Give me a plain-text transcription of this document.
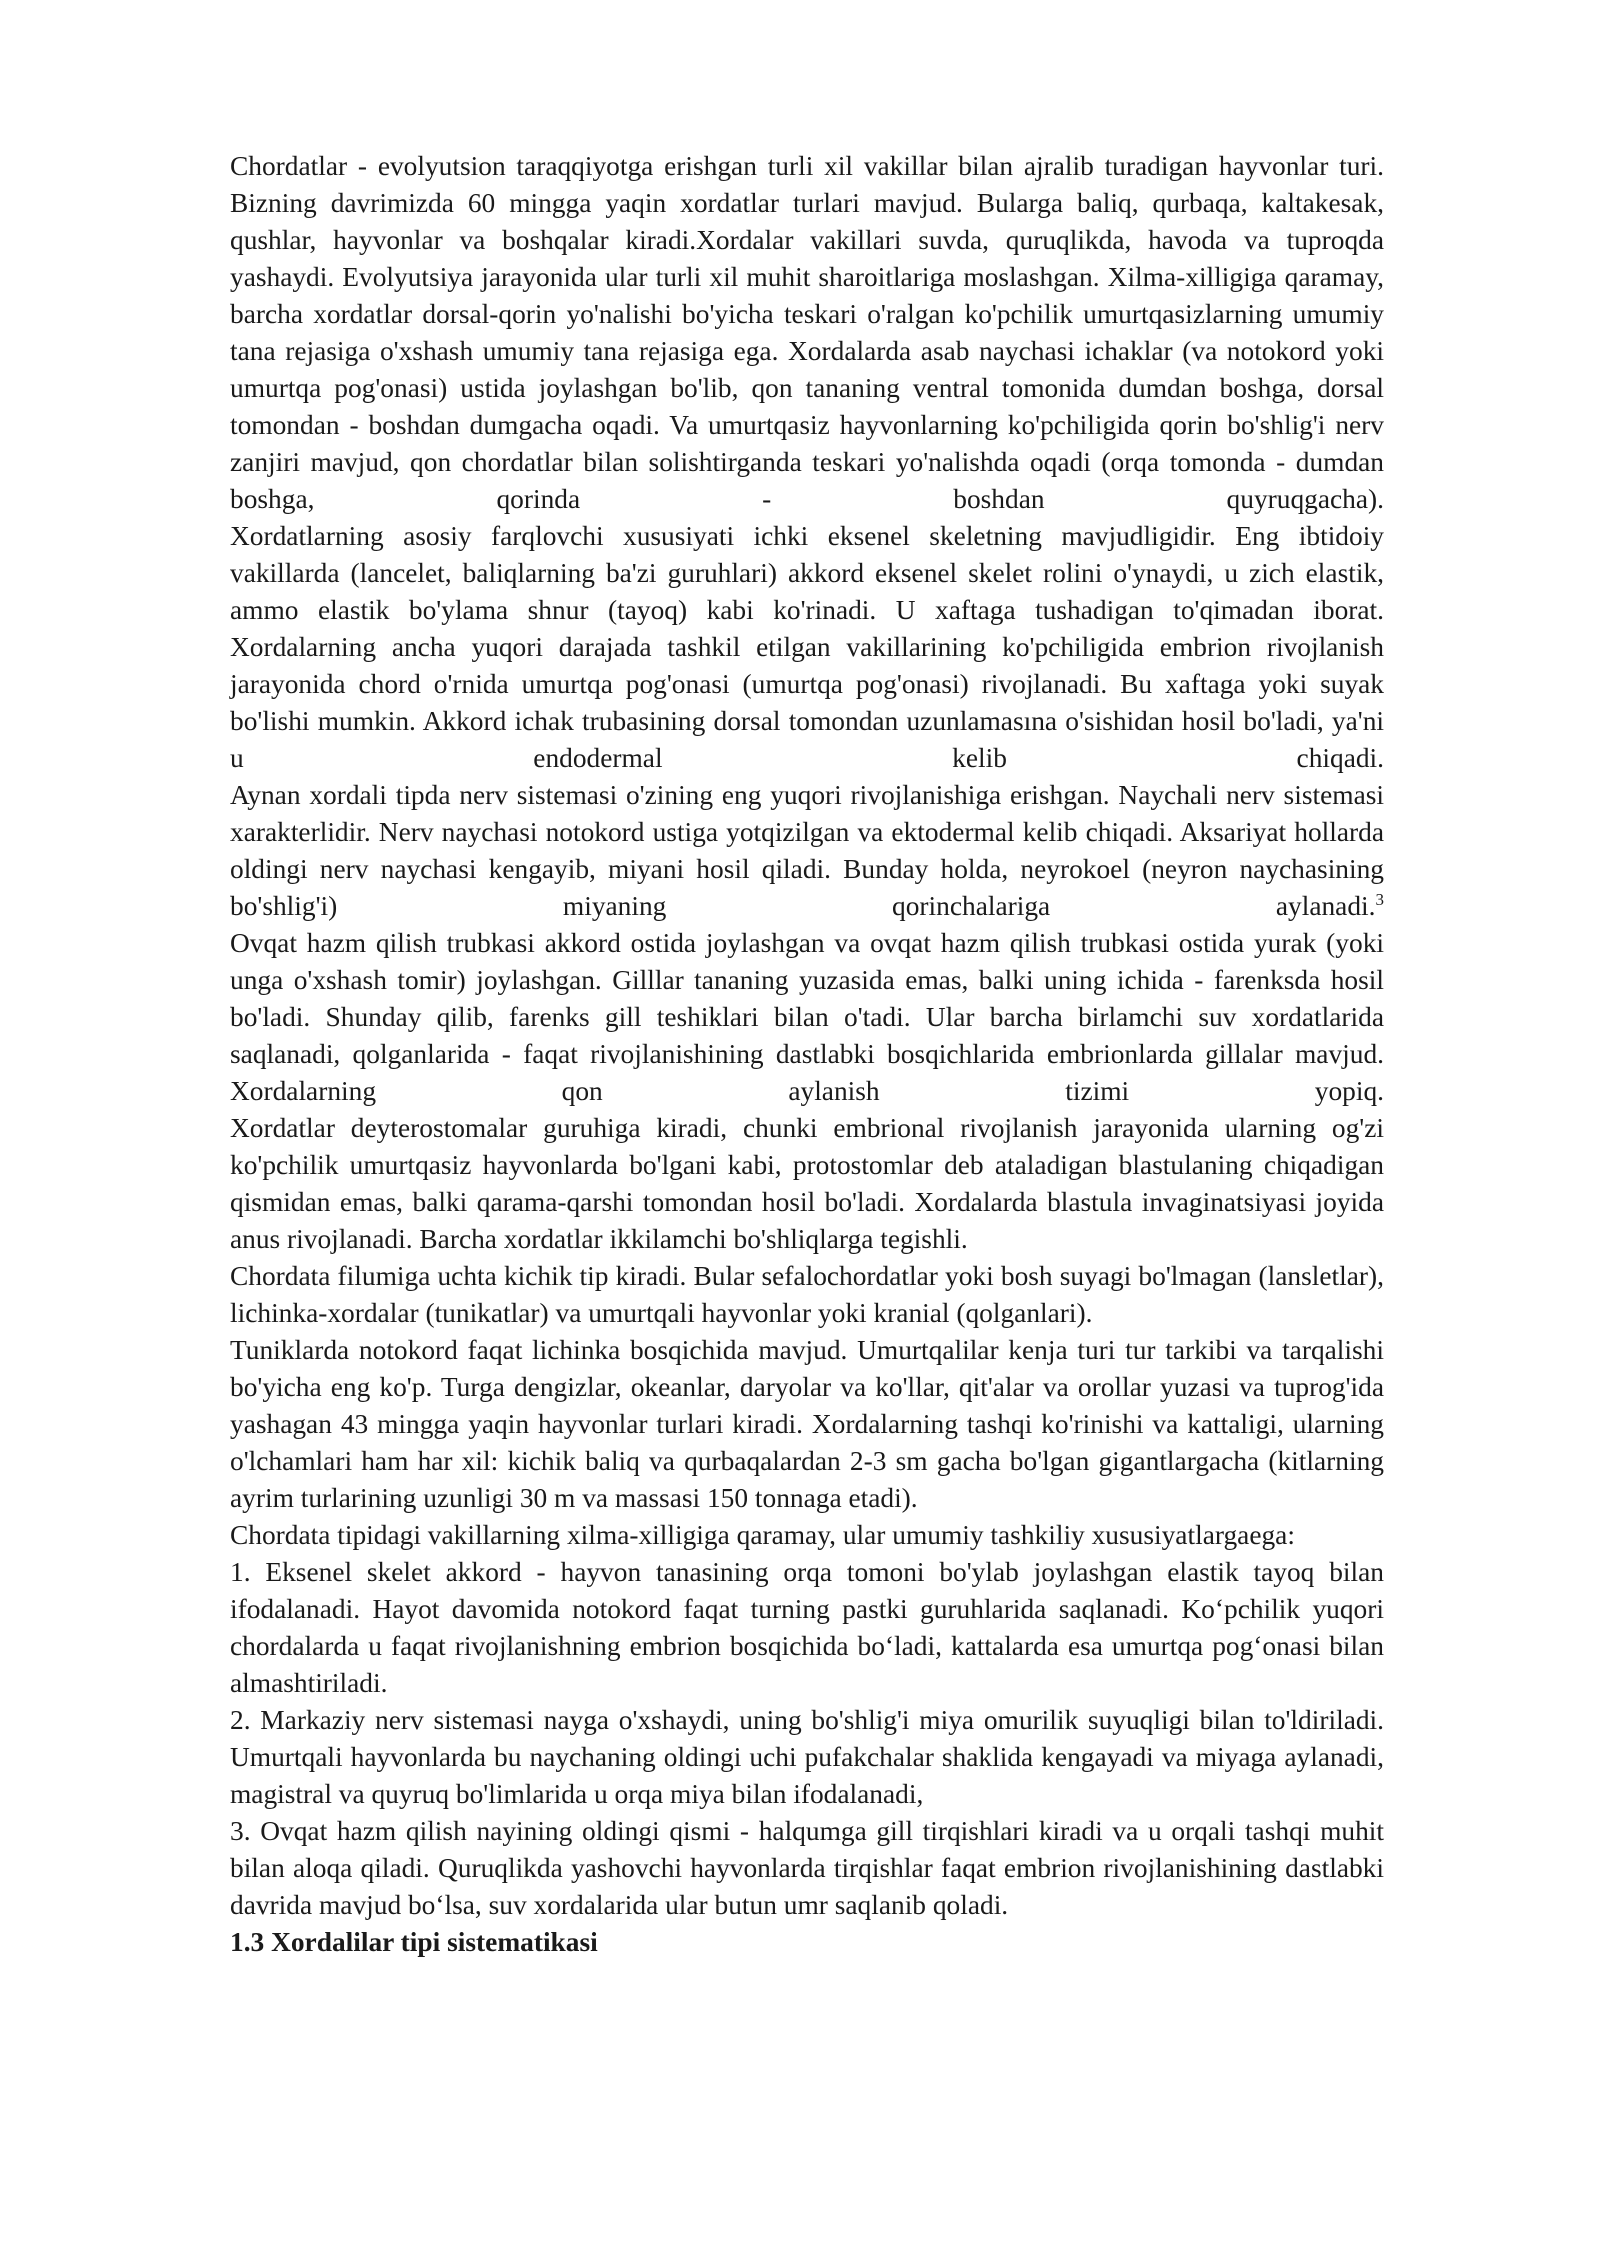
Chordatlar - evolyutsion taraqqiyotga erishgan turli xil vakillar bilan ajralib turadigan hayvonlar turi. Bizning davrimizda 60 mingga yaqin xordatlar turlari mavjud. Bularga baliq, qurbaqa, kaltakesak, qushlar, hayvonlar va boshqalar kiradi.Xordalar vakillari suvda, quruqlikda, havoda va tuproqda yashaydi. Evolyutsiya jarayonida ular turli xil muhit sharoitlariga moslashgan. Xilma-xilligiga qaramay, barcha xordatlar dorsal-qorin yo'nalishi bo'yicha teskari o'ralgan ko'pchilik umurtqasizlarning umumiy tana rejasiga o'xshash umumiy tana rejasiga ega. Xordalarda asab naychasi ichaklar (va notokord yoki umurtqa pog'onasi) ustida joylashgan bo'lib, qon tananing ventral tomonida dumdan boshga, dorsal tomondan - boshdan dumgacha oqadi. Va umurtqasiz hayvonlarning ko'pchiligida qorin bo'shlig'i nerv zanjiri mavjud, qon chordatlar bilan solishtirganda teskari yo'nalishda oqadi (orqa tomonda - dumdan boshga, qorinda - boshdan quyruqgacha).

Xordatlarning asosiy farqlovchi xususiyati ichki eksenel skeletning mavjudligidir. Eng ibtidoiy vakillarda (lancelet, baliqlarning ba'zi guruhlari) akkord eksenel skelet rolini o'ynaydi, u zich elastik, ammo elastik bo'ylama shnur (tayoq) kabi ko'rinadi. U xaftaga tushadigan to'qimadan iborat. Xordalarning ancha yuqori darajada tashkil etilgan vakillarining ko'pchiligida embrion rivojlanish jarayonida chord o'rnida umurtqa pog'onasi (umurtqa pog'onasi) rivojlanadi. Bu xaftaga yoki suyak bo'lishi mumkin. Akkord ichak trubasining dorsal tomondan uzunlamasına o'sishidan hosil bo'ladi, ya'ni u endodermal kelib chiqadi.

Aynan xordali tipda nerv sistemasi o'zining eng yuqori rivojlanishiga erishgan. Naychali nerv sistemasi xarakterlidir. Nerv naychasi notokord ustiga yotqizilgan va ektodermal kelib chiqadi. Aksariyat hollarda oldingi nerv naychasi kengayib, miyani hosil qiladi. Bunday holda, neyrokoel (neyron naychasining bo'shlig'i) miyaning qorinchalariga aylanadi.$^3$

Ovqat hazm qilish trubkasi akkord ostida joylashgan va ovqat hazm qilish trubkasi ostida yurak (yoki unga o'xshash tomir) joylashgan. Gilllar tananing yuzasida emas, balki uning ichida - farenksda hosil bo'ladi. Shunday qilib, farenks gill teshiklari bilan o'tadi. Ular barcha birlamchi suv xordatlarida saqlanadi, qolganlarida - faqat rivojlanishining dastlabki bosqichlarida embrionlarda gillalar mavjud. Xordalarning qon aylanish tizimi yopiq.

Xordatlar deyterostomalar guruhiga kiradi, chunki embrional rivojlanish jarayonida ularning og'zi ko'pchilik umurtqasiz hayvonlarda bo'lgani kabi, protostomlar deb ataladigan blastulaning chiqadigan qismidan emas, balki qarama-qarshi tomondan hosil bo'ladi. Xordalarda blastula invaginatsiyasi joyida anus rivojlanadi. Barcha xordatlar ikkilamchi bo'shliqlarga tegishli.

Chordata filumiga uchta kichik tip kiradi. Bular sefalochordatlar yoki bosh suyagi bo'lmagan (lansletlar), lichinka-xordalar (tunikatlar) va umurtqali hayvonlar yoki kranial (qolganlari).

Tuniklarda notokord faqat lichinka bosqichida mavjud. Umurtqalilar kenja turi tur tarkibi va tarqalishi bo'yicha eng ko'p. Turga dengizlar, okeanlar, daryolar va ko'llar, qit'alar va orollar yuzasi va tuprog'ida yashagan 43 mingga yaqin hayvonlar turlari kiradi. Xordalarning tashqi ko'rinishi va kattaligi, ularning o'lchamlari ham har xil: kichik baliq va qurbaqalardan 2-3 sm gacha bo'lgan gigantlargacha (kitlarning ayrim turlarining uzunligi 30 m va massasi 150 tonnaga etadi).

Chordata tipidagi vakillarning xilma-xilligiga qaramay, ular umumiy tashkiliy xususiyatlargaega:

1. Eksenel skelet akkord - hayvon tanasining orqa tomoni bo'ylab joylashgan elastik tayoq bilan ifodalanadi. Hayot davomida notokord faqat turning pastki guruhlarida saqlanadi. Ko‘pchilik yuqori chordalarda u faqat rivojlanishning embrion bosqichida bo‘ladi, kattalarda esa umurtqa pog‘onasi bilan almashtiriladi.

2. Markaziy nerv sistemasi nayga o'xshaydi, uning bo'shlig'i miya omurilik suyuqligi bilan to'ldiriladi. Umurtqali hayvonlarda bu naychaning oldingi uchi pufakchalar shaklida kengayadi va miyaga aylanadi, magistral va quyruq bo'limlarida u orqa miya bilan ifodalanadi,

3. Ovqat hazm qilish nayining oldingi qismi - halqumga gill tirqishlari kiradi va u orqali tashqi muhit bilan aloqa qiladi. Quruqlikda yashovchi hayvonlarda tirqishlar faqat embrion rivojlanishining dastlabki davrida mavjud bo‘lsa, suv xordalarida ular butun umr saqlanib qoladi.

1.3 Xordalilar tipi sistematikasi
